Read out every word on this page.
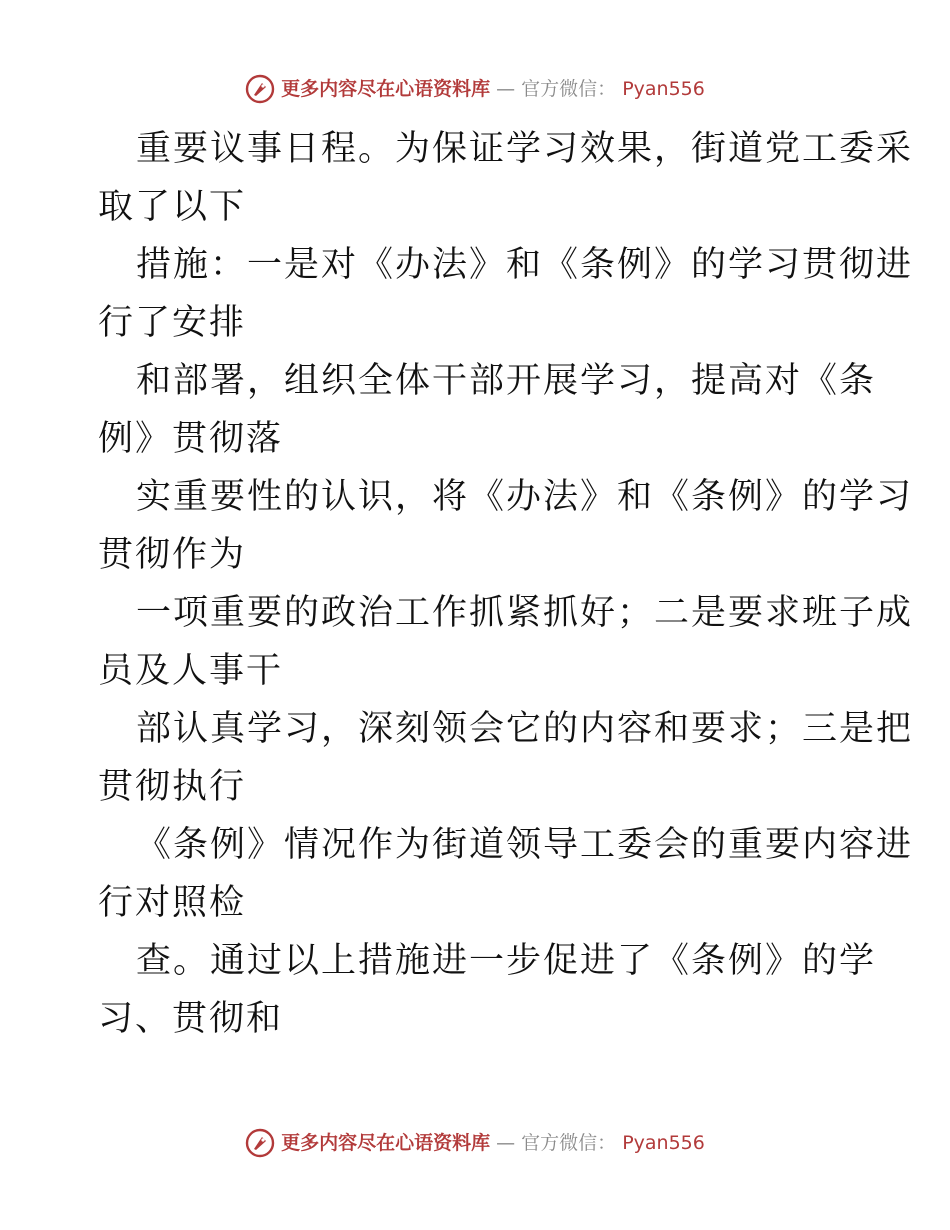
更多内容尽在心语资料库 — 官方微信： Pyan556
重要议事日程。为保证学习效果，街道党工委采
取了以下
措施：一是对《办法》和《条例》的学习贯彻进
行了安排
和部署，组织全体干部开展学习，提高对《条
例》贯彻落
实重要性的认识，将《办法》和《条例》的学习
贯彻作为
一项重要的政治工作抓紧抓好；二是要求班子成
员及人事干
部认真学习，深刻领会它的内容和要求；三是把
贯彻执行
《条例》情况作为街道领导工委会的重要内容进
行对照检
查。通过以上措施进一步促进了《条例》的学
习、贯彻和
更多内容尽在心语资料库 — 官方微信： Pyan556
